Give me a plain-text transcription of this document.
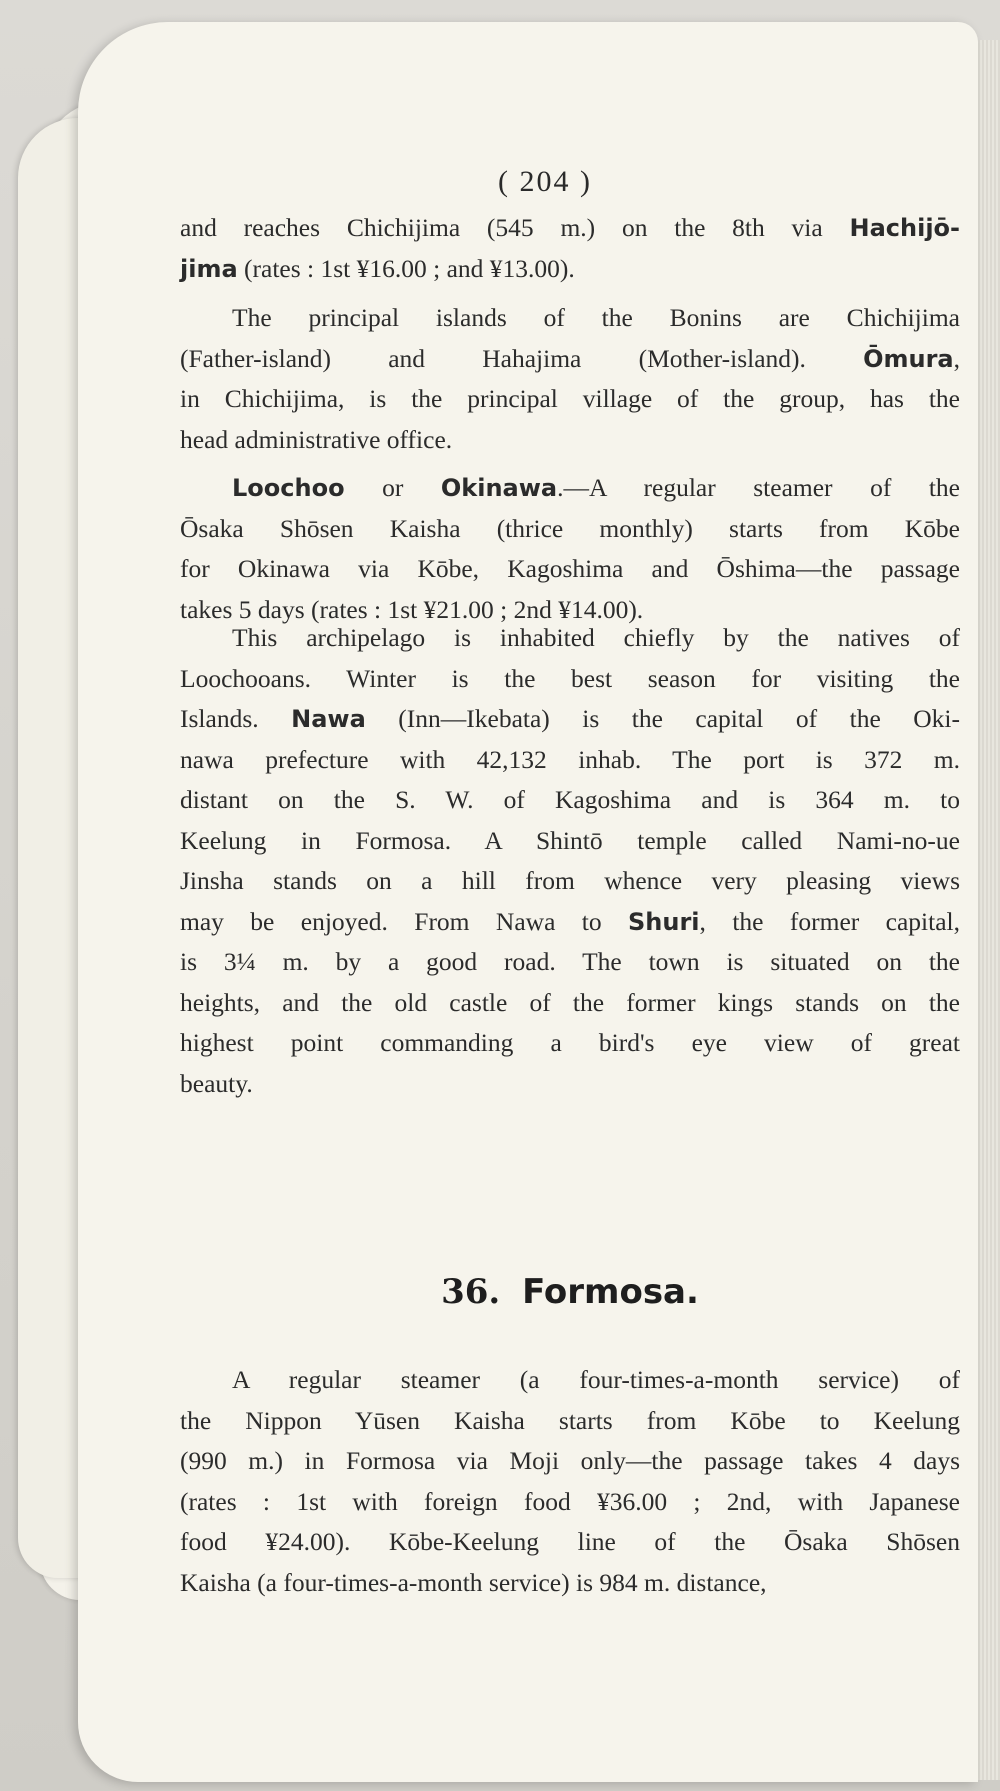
( 204 )
and reaches Chichijima (545 m.) on the 8th via Hachijō-
jima (rates : 1st ¥16.00 ; and ¥13.00).
The principal islands of the Bonins are Chichijima
(Father-island) and Hahajima (Mother-island). Ōmura,
in Chichijima, is the principal village of the group, has the
head administrative office.
Loochoo or Okinawa.—A regular steamer of the
Ōsaka Shōsen Kaisha (thrice monthly) starts from Kōbe
for Okinawa via Kōbe, Kagoshima and Ōshima—the passage
takes 5 days (rates : 1st ¥21.00 ; 2nd ¥14.00).
This archipelago is inhabited chiefly by the natives of
Loochooans. Winter is the best season for visiting the
Islands. Nawa (Inn—Ikebata) is the capital of the Oki-
nawa prefecture with 42,132 inhab. The port is 372 m.
distant on the S. W. of Kagoshima and is 364 m. to
Keelung in Formosa. A Shintō temple called Nami-no-ue
Jinsha stands on a hill from whence very pleasing views
may be enjoyed. From Nawa to Shuri, the former capital,
is 3¼ m. by a good road. The town is situated on the
heights, and the old castle of the former kings stands on the
highest point commanding a bird's eye view of great
beauty.
36. Formosa.
A regular steamer (a four-times-a-month service) of
the Nippon Yūsen Kaisha starts from Kōbe to Keelung
(990 m.) in Formosa via Moji only—the passage takes 4 days
(rates : 1st with foreign food ¥36.00 ; 2nd, with Japanese
food ¥24.00). Kōbe-Keelung line of the Ōsaka Shōsen
Kaisha (a four-times-a-month service) is 984 m. distance,
